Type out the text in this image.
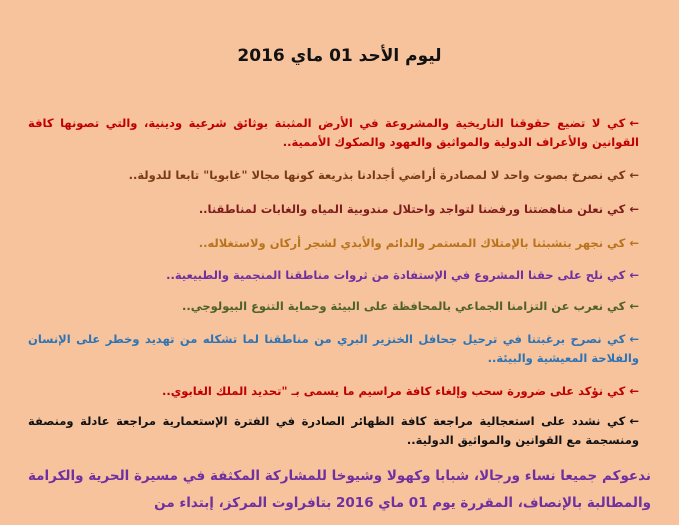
ليوم الأحد 01 ماي 2016
←كي لا تضيع حقوقنا التاريخية والمشروعة في الأرض المثبتة بوثائق شرعية ودينية، والتي تصونها كافة القوانين والأعراف الدولية والمواثيق والعهود والصكوك الأممية..
←كي نصرخ بصوت واحد لا لمصادرة أراضي أجدادنا بذريعة كونها مجالا "غابويا" تابعا للدولة..
←كي نعلن مناهضتنا ورفضنا لتواجد واحتلال مندوبية المياه والغابات لمناطقنا..
←كي نجهر بتشبثنا بالإمتلاك المستمر والدائم والأبدي لشجر أركان ولاستغلاله..
←كي نلح على حقنا المشروع في الإستفادة من ثروات مناطقنا المنجمية والطبيعية..
←كي نعرب عن التزامنا الجماعي بالمحافظة على البيئة وحماية التنوع البيولوجي..
←كي نصرح برغبتنا في ترحيل جحافل الخنزير البري من مناطقنا لما تشكله من تهديد وخطر على الإنسان والفلاحة المعيشية والبيئة..
←كي نؤكد على ضرورة سحب وإلغاء كافة مراسيم ما يسمى بـ "تحديد الملك الغابوي..
←كي نشدد على استعجالية مراجعة كافة الظهائر الصادرة في الفترة الإستعمارية مراجعة عادلة ومنصفة ومنسجمة مع القوانين والمواثيق الدولية..
ندعوكم جميعا نساء ورجالا، شبابا وكهولا وشيوخا للمشاركة المكثفة في مسيرة الحرية والكرامة والمطالبة بالإنصاف، المقررة يوم 01 ماي 2016 بتافراوت المركز، إبتداء من
